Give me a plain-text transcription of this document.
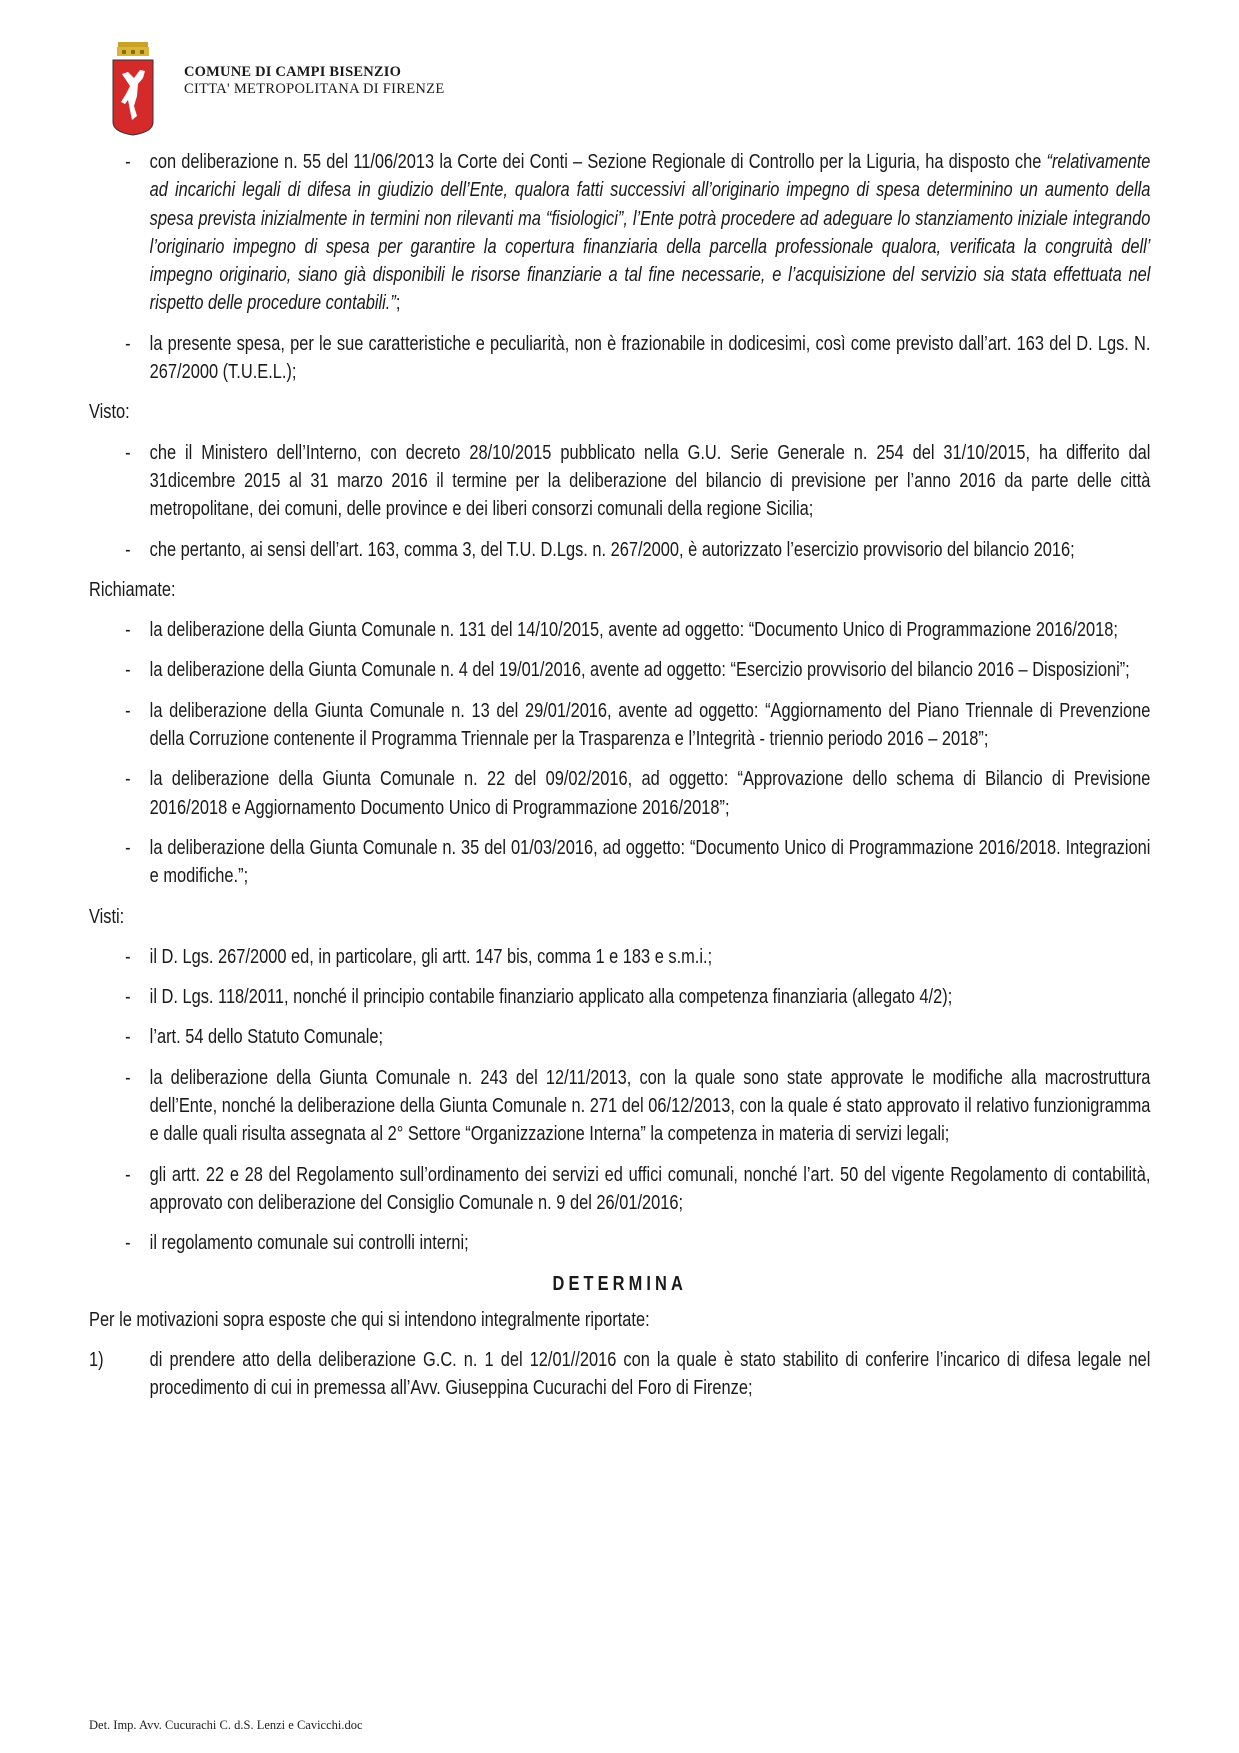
COMUNE DI CAMPI BISENZIO
CITTA' METROPOLITANA DI FIRENZE
- con deliberazione n. 55 del 11/06/2013 la Corte dei Conti – Sezione Regionale di Controllo per la Liguria, ha disposto che “relativamente ad incarichi legali di difesa in giudizio dell’Ente, qualora fatti successivi all’originario impegno di spesa determinino un aumento della spesa prevista inizialmente in termini non rilevanti ma “fisiologici”, l’Ente potrà procedere ad adeguare lo stanziamento iniziale integrando l’originario impegno di spesa per garantire la copertura finanziaria della parcella professionale qualora, verificata la congruità dell’ impegno originario, siano già disponibili le risorse finanziarie a tal fine necessarie, e l’acquisizione del servizio sia stata effettuata nel rispetto delle procedure contabili.”;
- la presente spesa, per le sue caratteristiche e peculiarità, non è frazionabile in dodicesimi, così come previsto dall’art. 163 del D. Lgs. N. 267/2000 (T.U.E.L.);
Visto:
- che il Ministero dell’Interno, con decreto 28/10/2015 pubblicato nella G.U. Serie Generale n. 254 del 31/10/2015, ha differito dal 31dicembre 2015 al 31 marzo 2016 il termine per la deliberazione del bilancio di previsione per l’anno 2016 da parte delle città metropolitane, dei comuni, delle province e dei liberi consorzi comunali della regione Sicilia;
- che pertanto, ai sensi dell’art. 163, comma 3, del T.U. D.Lgs. n. 267/2000, è autorizzato l’esercizio provvisorio del bilancio 2016;
Richiamate:
- la deliberazione della Giunta Comunale n. 131 del 14/10/2015, avente ad oggetto: “Documento Unico di Programmazione 2016/2018;
- la deliberazione della Giunta Comunale n. 4 del 19/01/2016, avente ad oggetto: “Esercizio provvisorio del bilancio 2016 – Disposizioni”;
- la deliberazione della Giunta Comunale n. 13 del 29/01/2016, avente ad oggetto: “Aggiornamento del Piano Triennale di Prevenzione della Corruzione contenente il Programma Triennale per la Trasparenza e l’Integrità - triennio periodo 2016 – 2018”;
- la deliberazione della Giunta Comunale n. 22 del 09/02/2016, ad oggetto: “Approvazione dello schema di Bilancio di Previsione 2016/2018 e Aggiornamento Documento Unico di Programmazione 2016/2018”;
- la deliberazione della Giunta Comunale n. 35 del 01/03/2016, ad oggetto: “Documento Unico di Programmazione 2016/2018. Integrazioni e modifiche.”;
Visti:
- il D. Lgs. 267/2000 ed, in particolare, gli artt. 147 bis, comma 1 e 183 e s.m.i.;
- il D. Lgs. 118/2011, nonché il principio contabile finanziario applicato alla competenza finanziaria (allegato 4/2);
- l’art. 54 dello Statuto Comunale;
- la deliberazione della Giunta Comunale n. 243 del 12/11/2013, con la quale sono state approvate le modifiche alla macrostruttura dell’Ente, nonché la deliberazione della Giunta Comunale n. 271 del 06/12/2013, con la quale é stato approvato il relativo funzionigramma e dalle quali risulta assegnata al 2° Settore “Organizzazione Interna” la competenza in materia di servizi legali;
- gli artt. 22 e 28 del Regolamento sull’ordinamento dei servizi ed uffici comunali, nonché l’art. 50 del vigente Regolamento di contabilità, approvato con deliberazione del Consiglio Comunale n. 9 del 26/01/2016;
- il regolamento comunale sui controlli interni;
DETERMINA
Per le motivazioni sopra esposte che qui si intendono integralmente riportate:
1) di prendere atto della deliberazione G.C. n. 1 del 12/01//2016 con la quale è stato stabilito di conferire l’incarico di difesa legale nel procedimento di cui in premessa all’Avv. Giuseppina Cucurachi del Foro di Firenze;
Det. Imp. Avv. Cucurachi C. d.S. Lenzi e Cavicchi.doc
